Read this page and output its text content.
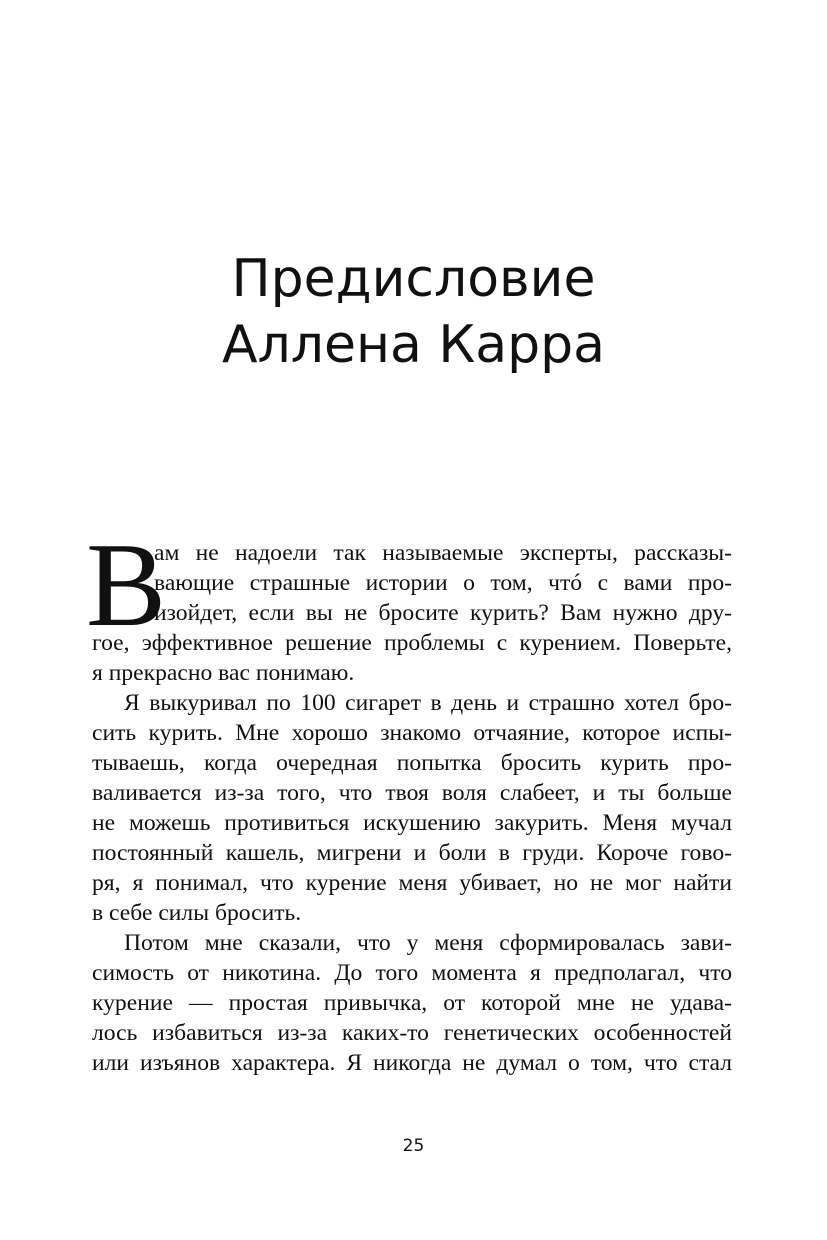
Предисловие
Аллена Карра
В
ам не надоели так называемые эксперты, рассказы-
вающие страшные истории о том, чтó с вами про-
изойдет, если вы не бросите курить? Вам нужно дру-
гое, эффективное решение проблемы с курением. Поверьте,
я прекрасно вас понимаю.
Я выкуривал по 100 сигарет в день и страшно хотел бро-
сить курить. Мне хорошо знакомо отчаяние, которое испы-
тываешь, когда очередная попытка бросить курить про-
валивается из-за того, что твоя воля слабеет, и ты больше
не можешь противиться искушению закурить. Меня мучал
постоянный кашель, мигрени и боли в груди. Короче гово-
ря, я понимал, что курение меня убивает, но не мог найти
в себе силы бросить.
Потом мне сказали, что у меня сформировалась зави-
симость от никотина. До того момента я предполагал, что
курение — простая привычка, от которой мне не удава-
лось избавиться из-за каких-то генетических особенностей
или изъянов характера. Я никогда не думал о том, что стал
25
